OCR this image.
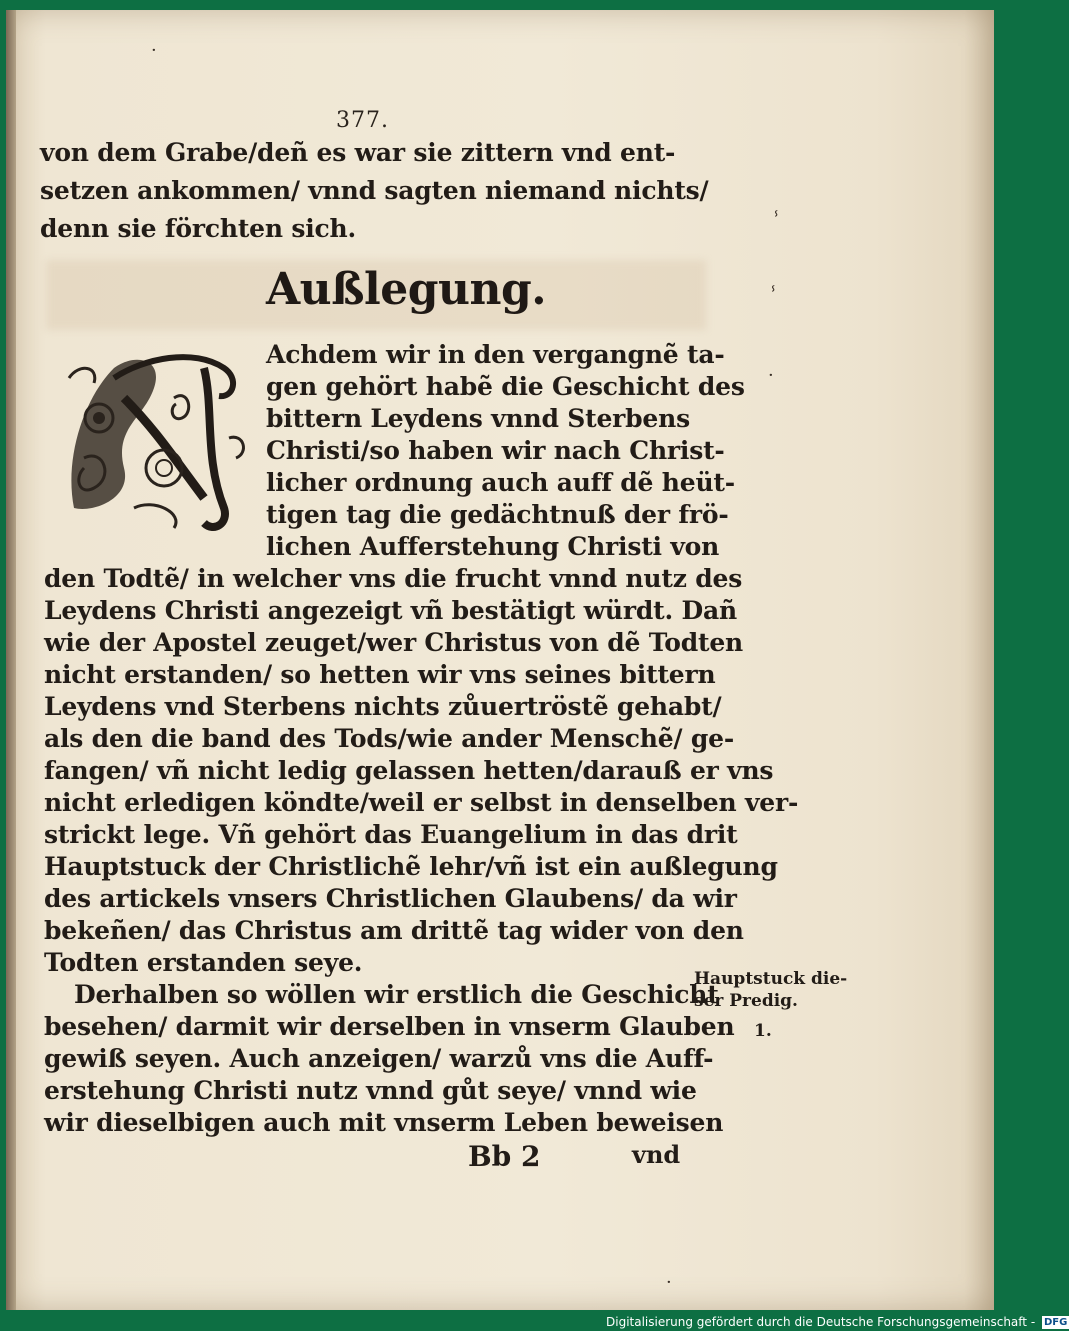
377.
von dem Grabe/deñ es war sie zittern vnd ent-
setzen ankommen/ vnnd sagten niemand nichts/
denn sie förchten sich.
Außlegung.
Achdem wir in den vergangnẽ ta-
gen gehört habẽ die Geschicht des
bittern Leydens vnnd Sterbens
Christi/so haben wir nach Christ-
licher ordnung auch auff dẽ heüt-
tigen tag die gedächtnuß der frö-
lichen Aufferstehung Christi von
den Todtẽ/ in welcher vns die frucht vnnd nutz des
Leydens Christi angezeigt vñ bestätigt würdt. Dañ
wie der Apostel zeuget/wer Christus von dẽ Todten
nicht erstanden/ so hetten wir vns seines bittern
Leydens vnd Sterbens nichts zůuertröstẽ gehabt/
als den die band des Tods/wie ander Menschẽ/ ge-
fangen/ vñ nicht ledig gelassen hetten/darauß er vns
nicht erledigen köndte/weil er selbst in denselben ver-
strickt lege. Vñ gehört das Euangelium in das drit
Hauptstuck der Christlichẽ lehr/vñ ist ein außlegung
des artickels vnsers Christlichen Glaubens/ da wir
bekeñen/ das Christus am drittẽ tag wider von den
Todten erstanden seye.
Derhalben so wöllen wir erstlich die Geschicht
besehen/ darmit wir derselben in vnserm Glauben
gewiß seyen. Auch anzeigen/ warzů vns die Auff-
erstehung Christi nutz vnnd gůt seye/ vnnd wie
wir dieselbigen auch mit vnserm Leben beweisen
Bb 2	vnd
Hauptstuck die-
ser Predig.
1.
ⸯ
ⸯ
·
·
·
Digitalisierung gefördert durch die Deutsche Forschungsgemeinschaft - DFG
